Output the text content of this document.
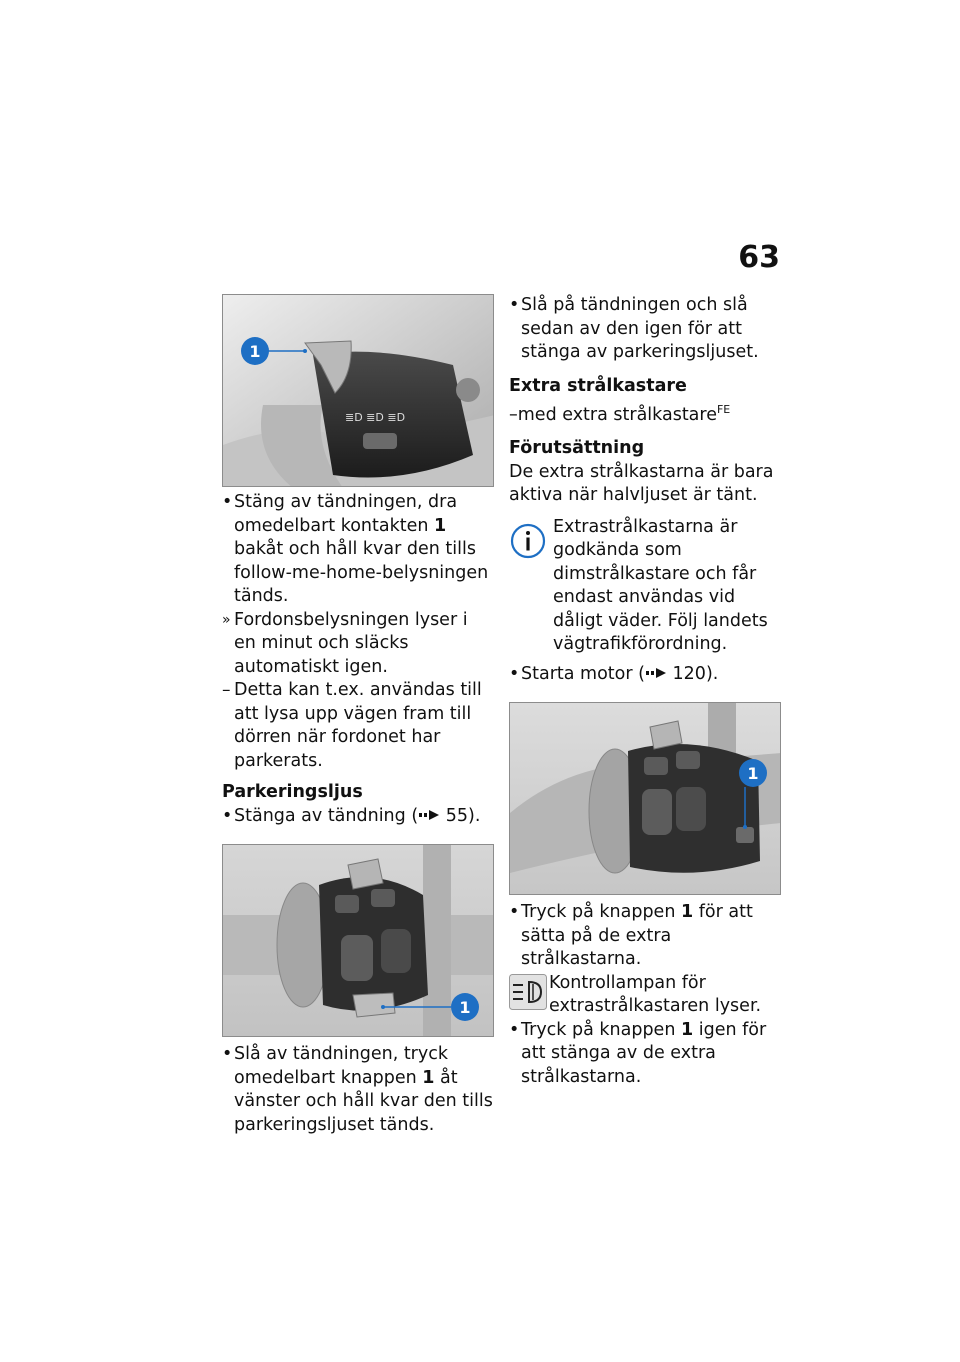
63
≣D ≣D ≣D
1
• Stäng av tändningen, dra omedelbart kontakten 1 bakåt och håll kvar den tills follow-me-home-belysningen tänds.
» Fordonsbelysningen lyser i en minut och släcks automatiskt igen.
– Detta kan t.ex. användas till att lysa upp vägen fram till dörren när fordonet har parkerats.
Parkeringsljus
• Stänga av tändning ( 55).
1
• Slå av tändningen, tryck omedelbart knappen 1 åt vänster och håll kvar den tills parkeringsljuset tänds.
• Slå på tändningen och slå sedan av den igen för att stänga av parkeringsljuset.
Extra strålkastare
–med extra strålkastare$^{FE}$
Förutsättning
De extra strålkastarna är bara aktiva när halvljuset är tänt.

Extrastrålkastarna är godkända som dimstrålkastare och får endast användas vid dåligt väder. Följ landets vägtrafikförordning.

• Starta motor ( 120).
1
• Tryck på knappen 1 för att sätta på de extra strålkastarna.
Kontrollampan för extrastrålkastaren lyser.
• Tryck på knappen 1 igen för att stänga av de extra strålkastarna.
